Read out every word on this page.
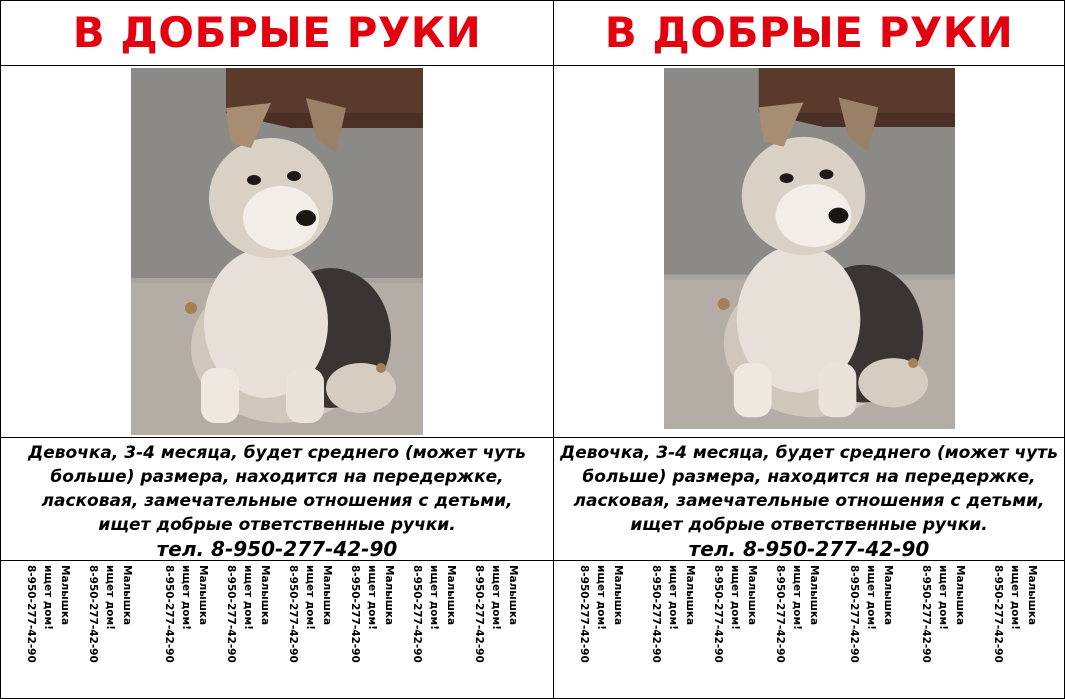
В ДОБРЫЕ РУКИ
Девочка, 3-4 месяца, будет среднего (может чуть
больше) размера, находится на передержке,
ласковая, замечательные отношения с детьми,
ищет добрые ответственные ручки.
тел. 8-950-277-42-90
Малышка
ищет дом!
8-950-277-42-90	Малышка
ищет дом!
8-950-277-42-90	Малышка
ищет дом!
8-950-277-42-90	Малышка
ищет дом!
8-950-277-42-90	Малышка
ищет дом!
8-950-277-42-90	Малышка
ищет дом!
8-950-277-42-90	Малышка
ищет дом!
8-950-277-42-90	Малышка
ищет дом!
8-950-277-42-90
В ДОБРЫЕ РУКИ
Девочка, 3-4 месяца, будет среднего (может чуть
больше) размера, находится на передержке,
ласковая, замечательные отношения с детьми,
ищет добрые ответственные ручки.
тел. 8-950-277-42-90
Малышка
ищет дом!
8-950-277-42-90	Малышка
ищет дом!
8-950-277-42-90	Малышка
ищет дом!
8-950-277-42-90	Малышка
ищет дом!
8-950-277-42-90	Малышка
ищет дом!
8-950-277-42-90	Малышка
ищет дом!
8-950-277-42-90	Малышка
ищет дом!
8-950-277-42-90
